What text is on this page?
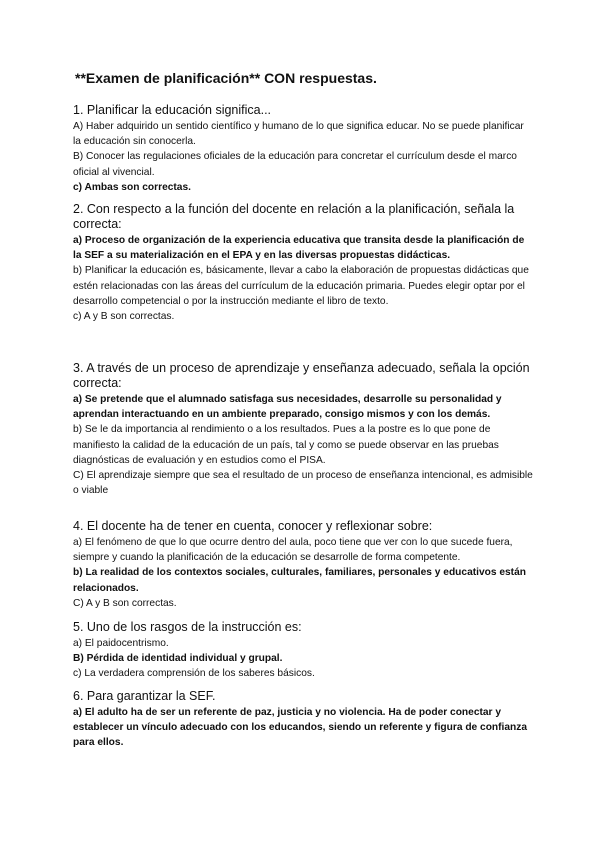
**Examen de planificación** CON respuestas.

1. Planificar la educación significa...

A) Haber adquirido un sentido científico y humano de lo que significa educar. No se puede planificar la educación sin conocerla.

B) Conocer las regulaciones oficiales de la educación para concretar el currículum desde el marco oficial al vivencial.

c) Ambas son correctas.

2. Con respecto a la función del docente en relación a la planificación, señala la correcta:

a) Proceso de organización de la experiencia educativa que transita desde la planificación de la SEF a su materialización en el EPA y en las diversas propuestas didácticas.

b) Planificar la educación es, básicamente, llevar a cabo la elaboración de propuestas didácticas que estén relacionadas con las áreas del currículum de la educación primaria. Puedes elegir optar por el desarrollo competencial o por la instrucción mediante el libro de texto.

c) A y B son correctas.

3. A través de un proceso de aprendizaje y enseñanza adecuado, señala la opción correcta:

a) Se pretende que el alumnado satisfaga sus necesidades, desarrolle su personalidad y aprendan interactuando en un ambiente preparado, consigo mismos y con los demás.

b) Se le da importancia al rendimiento o a los resultados. Pues a la postre es lo que pone de manifiesto la calidad de la educación de un país, tal y como se puede observar en las pruebas diagnósticas de evaluación y en estudios como el PISA.

C) El aprendizaje siempre que sea el resultado de un proceso de enseñanza intencional, es admisible o viable

4. El docente ha de tener en cuenta, conocer y reflexionar sobre:

a) El fenómeno de que lo que ocurre dentro del aula, poco tiene que ver con lo que sucede fuera, siempre y cuando la planificación de la educación se desarrolle de forma competente.

b) La realidad de los contextos sociales, culturales, familiares, personales y educativos están relacionados.

C) A y B son correctas.

5. Uno de los rasgos de la instrucción es:

a) El paidocentrismo.

B) Pérdida de identidad individual y grupal.

c) La verdadera comprensión de los saberes básicos.

6. Para garantizar la SEF.

a) El adulto ha de ser un referente de paz, justicia y no violencia. Ha de poder conectar y establecer un vínculo adecuado con los educandos, siendo un referente y figura de confianza para ellos.
